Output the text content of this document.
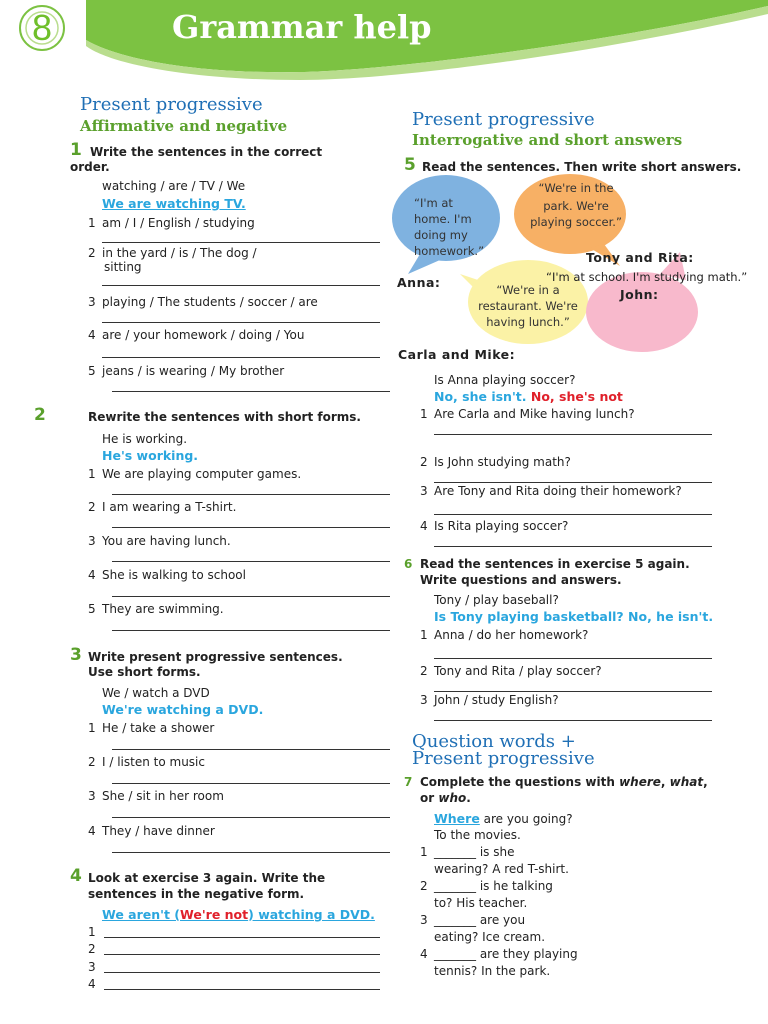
8	Grammar help
Present progressive
Affirmative and negative
1 Write the sentences in the correct
order.
watching / are / TV / We
We are watching TV.
1 am / I / English / studying
2 in the yard / is / The dog /
sitting
3 playing / The students / soccer / are
4 are / your homework / doing / You
5 jeans / is wearing / My brother
2	Rewrite the sentences with short forms.
He is working.
He's working.
1 We are playing computer games.
2 I am wearing a T-shirt.
3 You are having lunch.
4 She is walking to school
5 They are swimming.
3 Write present progressive sentences.
Use short forms.
We / watch a DVD
We're watching a DVD.
1 He / take a shower
2 I / listen to music
3 She / sit in her room
4 They / have dinner
4 Look at exercise 3 again. Write the
sentences in the negative form.
We aren't (We're not) watching a DVD.
1
2
3
4
Present progressive
Interrogative and short answers
5 Read the sentences. Then write short answers.
“I'm at
home. I'm
doing my
homework.”
“We're in the
park. We're
playing soccer.”
“We're in a
restaurant. We're
having lunch.”
Tony and Rita:
“I'm at school. I'm studying math.”
Anna:
John:
Carla and Mike:
Is Anna playing soccer?
No, she isn't. No, she's not
1 Are Carla and Mike having lunch?
2 Is John studying math?
3 Are Tony and Rita doing their homework?
4 Is Rita playing soccer?
6 Read the sentences in exercise 5 again.
Write questions and answers.
Tony / play baseball?
Is Tony playing basketball? No, he isn't.
1 Anna / do her homework?
2 Tony and Rita / play soccer?
3 John / study English?
Question words +
Present progressive
7 Complete the questions with where, what,
or who.
Where are you going?
To the movies.
1 _______ is she
wearing? A red T-shirt.
2 _______ is he talking
to? His teacher.
3 _______ are you
eating? Ice cream.
4 _______ are they playing
tennis? In the park.
